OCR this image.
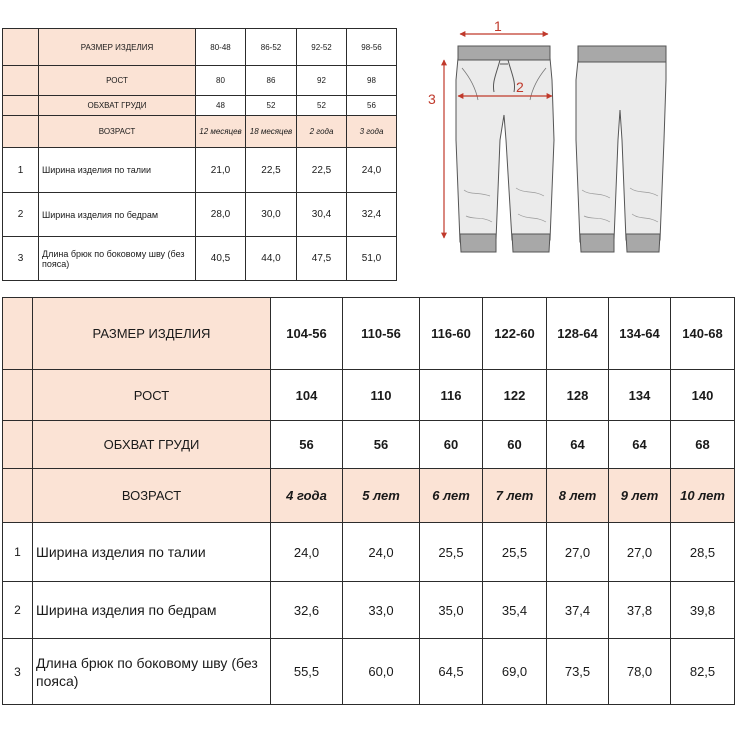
	РАЗМЕР ИЗДЕЛИЯ	80-48	86-52	92-52	98-56
	РОСТ	80	86	92	98
	ОБХВАТ ГРУДИ	48	52	52	56
	ВОЗРАСТ	12 месяцев	18 месяцев	2 года	3 года
1	Ширина изделия по талии	21,0	22,5	22,5	24,0
2	Ширина изделия по бедрам	28,0	30,0	30,4	32,4
3	Длина брюк по боковому шву (без пояса)	40,5	44,0	47,5	51,0
1
2
3
	РАЗМЕР ИЗДЕЛИЯ	104-56	110-56	116-60	122-60	128-64	134-64	140-68
	РОСТ	104	110	116	122	128	134	140
	ОБХВАТ ГРУДИ	56	56	60	60	64	64	68
	ВОЗРАСТ	4 года	5 лет	6 лет	7 лет	8 лет	9 лет	10 лет
1	Ширина изделия по талии	24,0	24,0	25,5	25,5	27,0	27,0	28,5
2	Ширина изделия по бедрам	32,6	33,0	35,0	35,4	37,4	37,8	39,8
3	Длина брюк по боковому шву (без пояса)	55,5	60,0	64,5	69,0	73,5	78,0	82,5
